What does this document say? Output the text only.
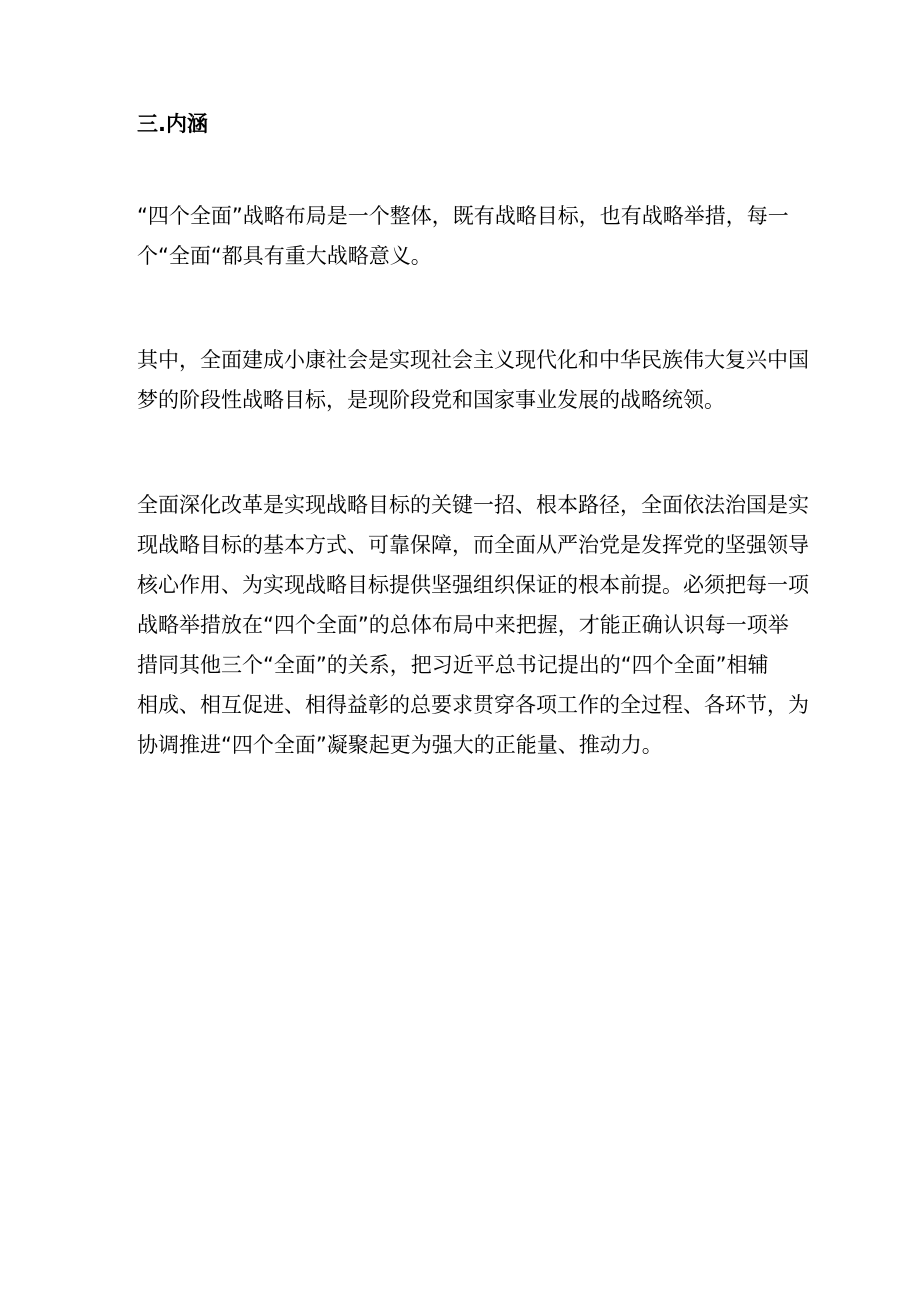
三.内涵

“四个全面”战略布局是一个整体，既有战略目标，也有战略举措，每一
个“全面“都具有重大战略意义。

其中，全面建成小康社会是实现社会主义现代化和中华民族伟大复兴中国
梦的阶段性战略目标，是现阶段党和国家事业发展的战略统领。

全面深化改革是实现战略目标的关键一招、根本路径，全面依法治国是实
现战略目标的基本方式、可靠保障，而全面从严治党是发挥党的坚强领导
核心作用、为实现战略目标提供坚强组织保证的根本前提。必须把每一项
战略举措放在“四个全面”的总体布局中来把握，才能正确认识每一项举
措同其他三个“全面”的关系，把习近平总书记提出的“四个全面”相辅
相成、相互促进、相得益彰的总要求贯穿各项工作的全过程、各环节，为
协调推进“四个全面”凝聚起更为强大的正能量、推动力。
